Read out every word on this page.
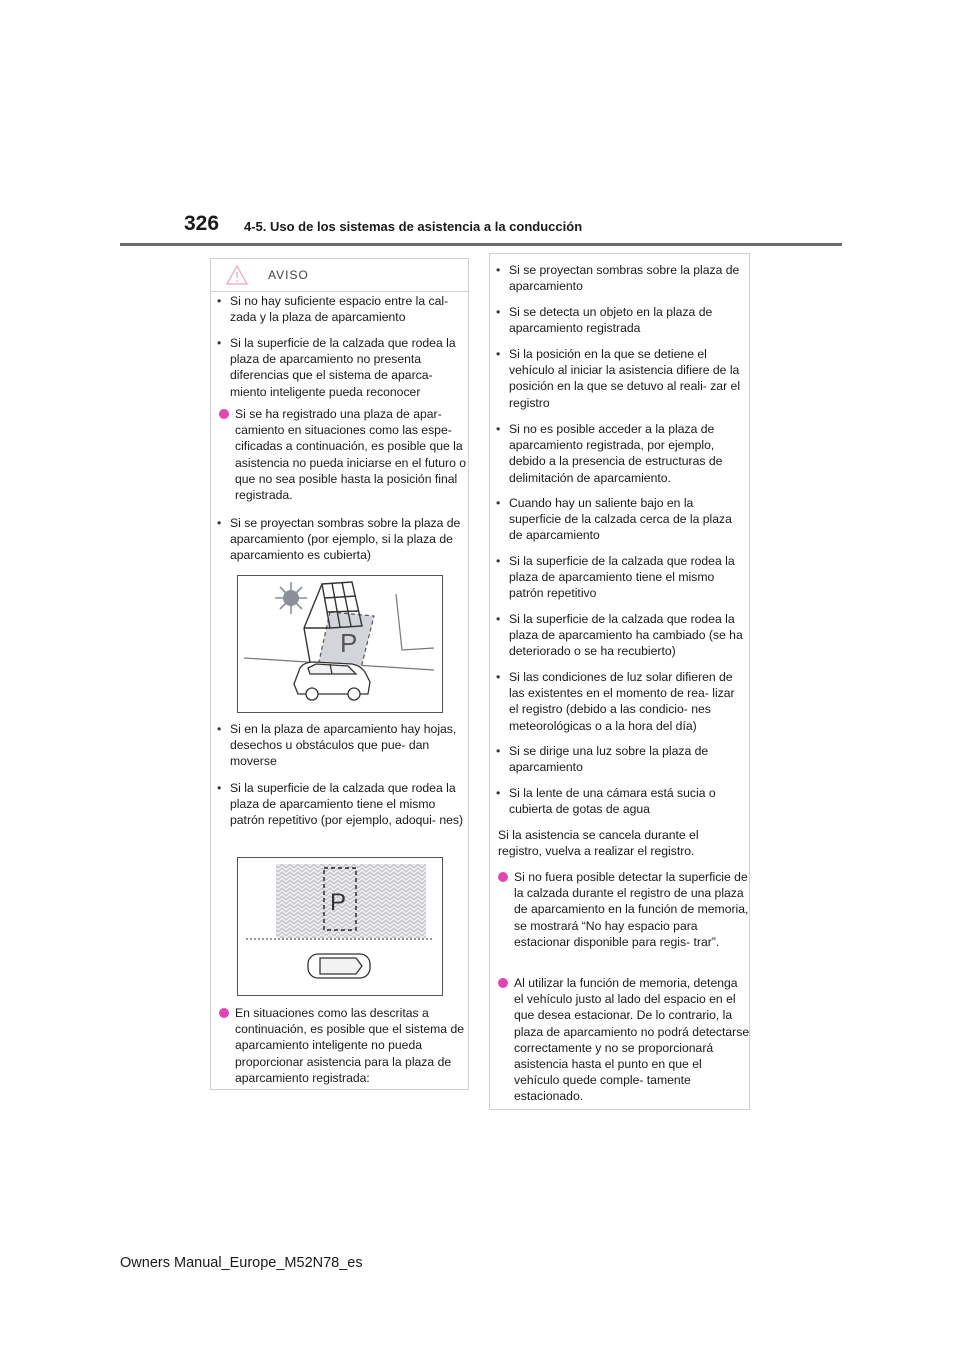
326 4-5. Uso de los sistemas de asistencia a la conducción
AVISO
• Si no hay suficiente espacio entre la cal- zada y la plaza de aparcamiento
• Si la superficie de la calzada que rodea la plaza de aparcamiento no presenta diferencias que el sistema de aparca- miento inteligente pueda reconocer
Si se ha registrado una plaza de apar- camiento en situaciones como las espe- cificadas a continuación, es posible que la asistencia no pueda iniciarse en el futuro o que no sea posible hasta la posición final registrada.
• Si se proyectan sombras sobre la plaza de aparcamiento (por ejemplo, si la plaza de aparcamiento es cubierta)
P
• Si en la plaza de aparcamiento hay hojas, desechos u obstáculos que pue- dan moverse
• Si la superficie de la calzada que rodea la plaza de aparcamiento tiene el mismo patrón repetitivo (por ejemplo, adoqui- nes)
P
En situaciones como las descritas a continuación, es posible que el sistema de aparcamiento inteligente no pueda proporcionar asistencia para la plaza de aparcamiento registrada:
• Si se proyectan sombras sobre la plaza de aparcamiento
• Si se detecta un objeto en la plaza de aparcamiento registrada
• Si la posición en la que se detiene el vehículo al iniciar la asistencia difiere de la posición en la que se detuvo al reali- zar el registro
• Si no es posible acceder a la plaza de aparcamiento registrada, por ejemplo, debido a la presencia de estructuras de delimitación de aparcamiento.
• Cuando hay un saliente bajo en la superficie de la calzada cerca de la plaza de aparcamiento
• Si la superficie de la calzada que rodea la plaza de aparcamiento tiene el mismo patrón repetitivo
• Si la superficie de la calzada que rodea la plaza de aparcamiento ha cambiado (se ha deteriorado o se ha recubierto)
• Si las condiciones de luz solar difieren de las existentes en el momento de rea- lizar el registro (debido a las condicio- nes meteorológicas o a la hora del día)
• Si se dirige una luz sobre la plaza de aparcamiento
• Si la lente de una cámara está sucia o cubierta de gotas de agua
Si la asistencia se cancela durante el registro, vuelva a realizar el registro.
Si no fuera posible detectar la superficie de la calzada durante el registro de una plaza de aparcamiento en la función de memoria, se mostrará “No hay espacio para estacionar disponible para regis- trar”.
Al utilizar la función de memoria, detenga el vehículo justo al lado del espacio en el que desea estacionar. De lo contrario, la plaza de aparcamiento no podrá detectarse correctamente y no se proporcionará asistencia hasta el punto en que el vehículo quede comple- tamente estacionado.
Owners Manual_Europe_M52N78_es
